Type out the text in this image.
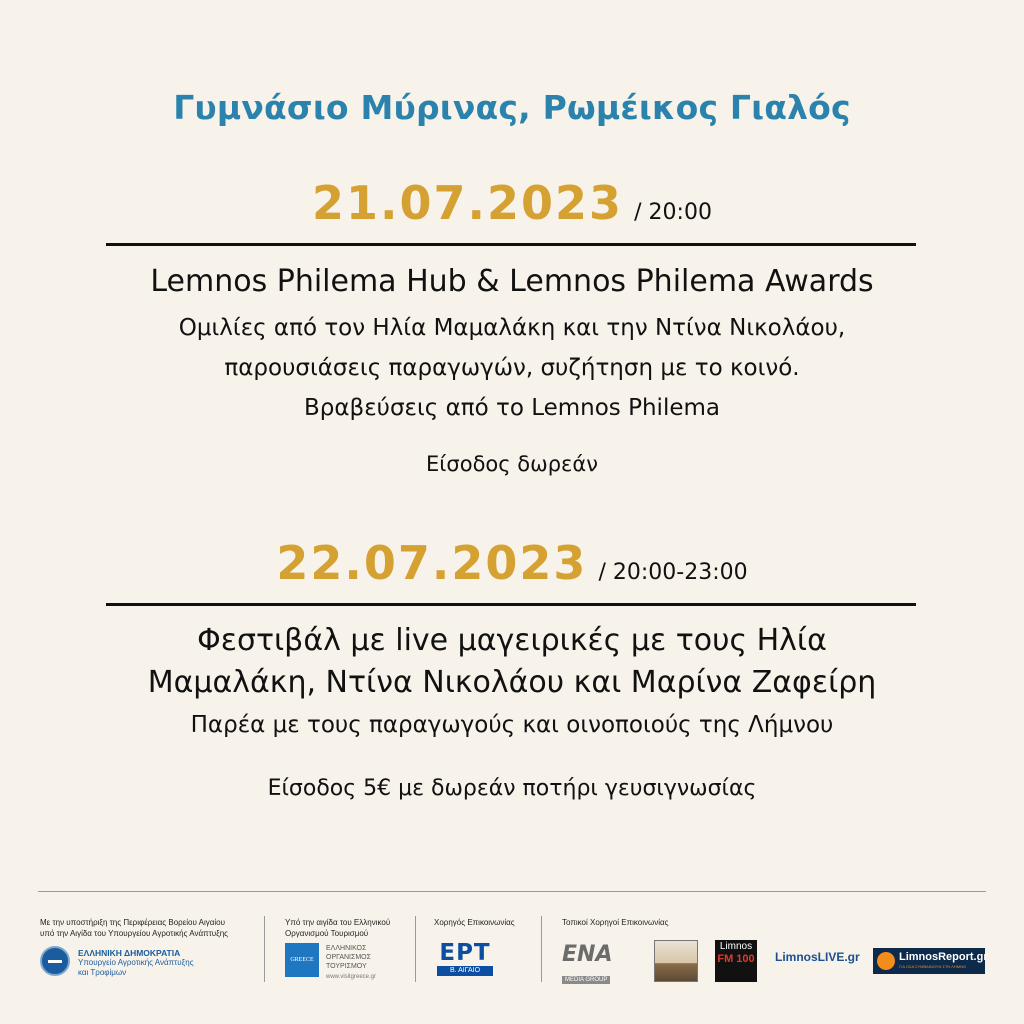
Γυμνάσιο Μύρινας, Ρωμέικος Γιαλός
21.07.2023 / 20:00
Lemnos Philema Hub & Lemnos Philema Awards
Ομιλίες από τον Ηλία Μαμαλάκη και την Ντίνα Νικολάου,
παρουσιάσεις παραγωγών, συζήτηση με το κοινό.
Βραβεύσεις από το Lemnos Philema
Είσοδος δωρεάν
22.07.2023 / 20:00-23:00
Φεστιβάλ με live μαγειρικές με τους Ηλία
Μαμαλάκη, Ντίνα Νικολάου και Μαρίνα Ζαφείρη
Παρέα με τους παραγωγούς και οινοποιούς της Λήμνου
Είσοδος 5€ με δωρεάν ποτήρι γευσιγνωσίας
Με την υποστήριξη της Περιφέρειας Βορείου Αιγαίου
υπό την Αιγίδα του Υπουργείου Αγροτικής Ανάπτυξης
ΕΛΛΗΝΙΚΗ ΔΗΜΟΚΡΑΤΙΑ
Υπουργείο Αγροτικής Ανάπτυξης
και Τροφίμων
Υπό την αιγίδα του Ελληνικού
Οργανισμού Τουρισμού
GREECE
ΕΛΛΗΝΙΚΟΣ
ΟΡΓΑΝΙΣΜΟΣ
ΤΟΥΡΙΣΜΟΥ
www.visitgreece.gr
Χορηγός Επικοινωνίας
ΕΡΤ
Β. ΑΙΓΑΙΟ
Τοπικοί Χορηγοί Επικοινωνίας
ENA
MEDIA GROUP
Limnos
FM 100 LimnosLIVE.gr	LimnosReport.gr
ΓΙΑ ΟΣΑ ΣΥΜΒΑΙΝΟΥΝ ΣΤΗ ΛΗΜΝΟ
